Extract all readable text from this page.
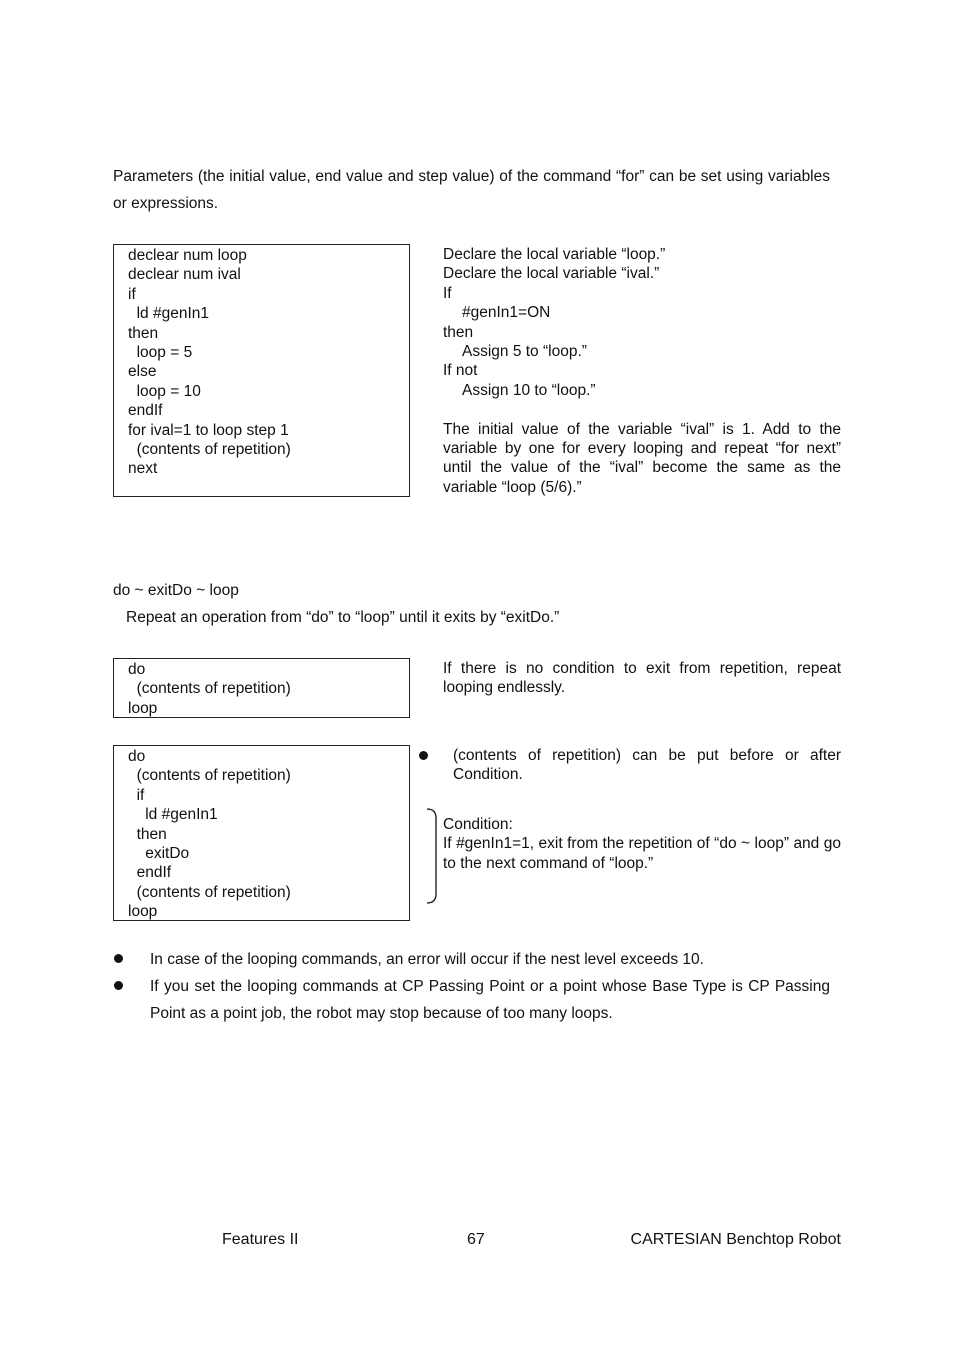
Parameters (the initial value, end value and step value) of the command “for” can be set using variables or expressions.
declear num loop
declear num ival
if
ld #genIn1
then
loop = 5
else
loop = 10
endIf
for ival=1 to loop step 1
(contents of repetition)
next
Declare the local variable “loop.”
Declare the local variable “ival.”
If
#genIn1=ON
then
Assign 5 to “loop.”
If not
Assign 10 to “loop.”
The initial value of the variable “ival” is 1. Add to the variable by one for every looping and repeat “for next” until the value of the “ival” become the same as the variable “loop (5/6).”
do ~ exitDo ~ loop
Repeat an operation from “do” to “loop” until it exits by “exitDo.”
do
(contents of repetition)
loop
If there is no condition to exit from repetition, repeat looping endlessly.
do
(contents of repetition)
if
ld #genIn1
then
exitDo
endIf
(contents of repetition)
loop
(contents of repetition) can be put before or after Condition.
Condition:
If #genIn1=1, exit from the repetition of “do ~ loop” and go to the next command of “loop.”
In case of the looping commands, an error will occur if the nest level exceeds 10.
If you set the looping commands at CP Passing Point or a point whose Base Type is CP Passing Point as a point job, the robot may stop because of too many loops.
Features II	67	CARTESIAN Benchtop Robot
